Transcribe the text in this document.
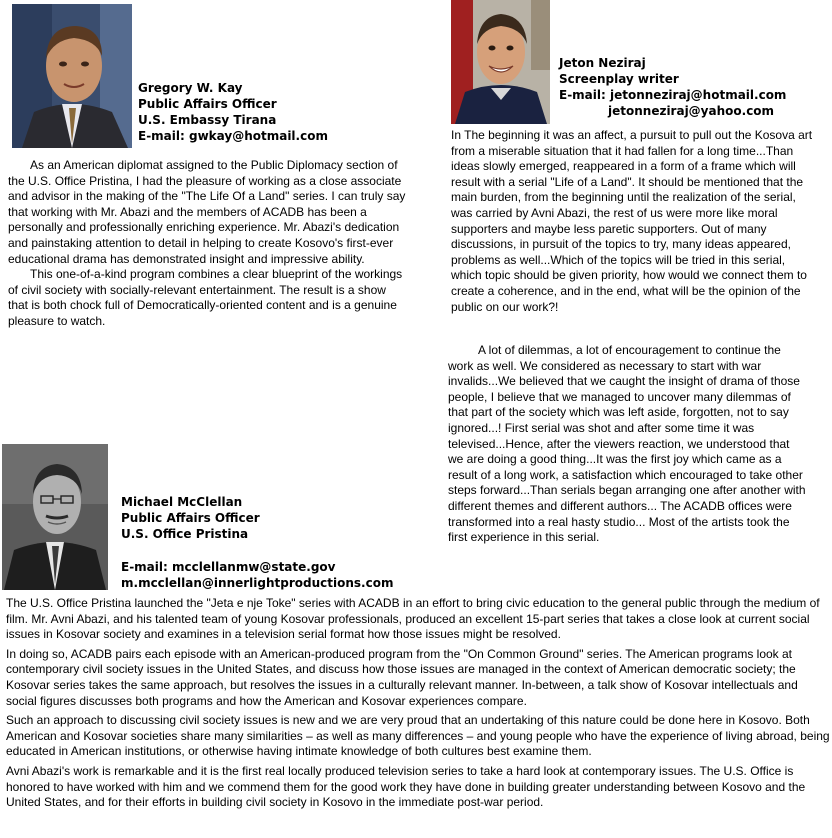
Gregory W. Kay
Public Affairs Officer
U.S. Embassy Tirana
E-mail: gwkay@hotmail.com
As an American diplomat assigned to the Public Diplomacy section of the U.S. Office Pristina, I had the pleasure of working as a close associate and advisor in the making of the "The Life Of a Land" series. I can truly say that working with Mr. Abazi and the members of ACADB has been a personally and professionally enriching experience. Mr. Abazi's dedication and painstaking attention to detail in helping to create Kosovo's first-ever educational drama has demonstrated insight and impressive ability.
This one-of-a-kind program combines a clear blueprint of the workings of civil society with socially-relevant entertainment. The result is a show that is both chock full of Democratically-oriented content and is a genuine pleasure to watch.
Jeton Neziraj
Screenplay writer
E-mail: jetonneziraj@hotmail.com
jetonneziraj@yahoo.com
In The beginning it was an affect, a pursuit to pull out the Kosova art from a miserable situation that it had fallen for a long time...Than ideas slowly emerged, reappeared in a form of a frame which will result with a serial "Life of a Land". It should be mentioned that the main burden, from the beginning until the realization of the serial, was carried by Avni Abazi, the rest of us were more like moral supporters and maybe less paretic supporters. Out of many discussions, in pursuit of the topics to try, many ideas appeared, problems as well...Which of the topics will be tried in this serial, which topic should be given priority, how would we connect them to create a coherence, and in the end, what will be the opinion of the public on our work?!
A lot of dilemmas, a lot of encouragement to continue the work as well. We considered as necessary to start with war invalids...We believed that we caught the insight of drama of those people, I believe that we managed to uncover many dilemmas of that part of the society which was left aside, forgotten, not to say ignored...! First serial was shot and after some time it was televised...Hence, after the viewers reaction, we understood that we are doing a good thing...It was the first joy which came as a result of a long work, a satisfaction which encouraged to take other steps forward...Than serials began arranging one after another with different themes and different authors... The ACADB offices were transformed into a real hasty studio... Most of the artists took the first experience in this serial.
Michael McClellan
Public Affairs Officer
U.S. Office Pristina
E-mail: mcclellanmw@state.gov
m.mcclellan@innerlightproductions.com

The U.S. Office Pristina launched the "Jeta e nje Toke" series with ACADB in an effort to bring civic education to the general public through the medium of film. Mr. Avni Abazi, and his talented team of young Kosovar professionals, produced an excellent 15-part series that takes a close look at current social issues in Kosovar society and examines in a television serial format how those issues might be resolved.

In doing so, ACADB pairs each episode with an American-produced program from the "On Common Ground" series. The American programs look at contemporary civil society issues in the United States, and discuss how those issues are managed in the context of American democratic society; the Kosovar series takes the same approach, but resolves the issues in a culturally relevant manner. In-between, a talk show of Kosovar intellectuals and social figures discusses both programs and how the American and Kosovar experiences compare.

Such an approach to discussing civil society issues is new and we are very proud that an undertaking of this nature could be done here in Kosovo. Both American and Kosovar societies share many similarities – as well as many differences – and young people who have the experience of living abroad, being educated in American institutions, or otherwise having intimate knowledge of both cultures best examine them.

Avni Abazi's work is remarkable and it is the first real locally produced television series to take a hard look at contemporary issues. The U.S. Office is honored to have worked with him and we commend them for the good work they have done in building greater understanding between Kosovo and the United States, and for their efforts in building civil society in Kosovo in the immediate post-war period.
